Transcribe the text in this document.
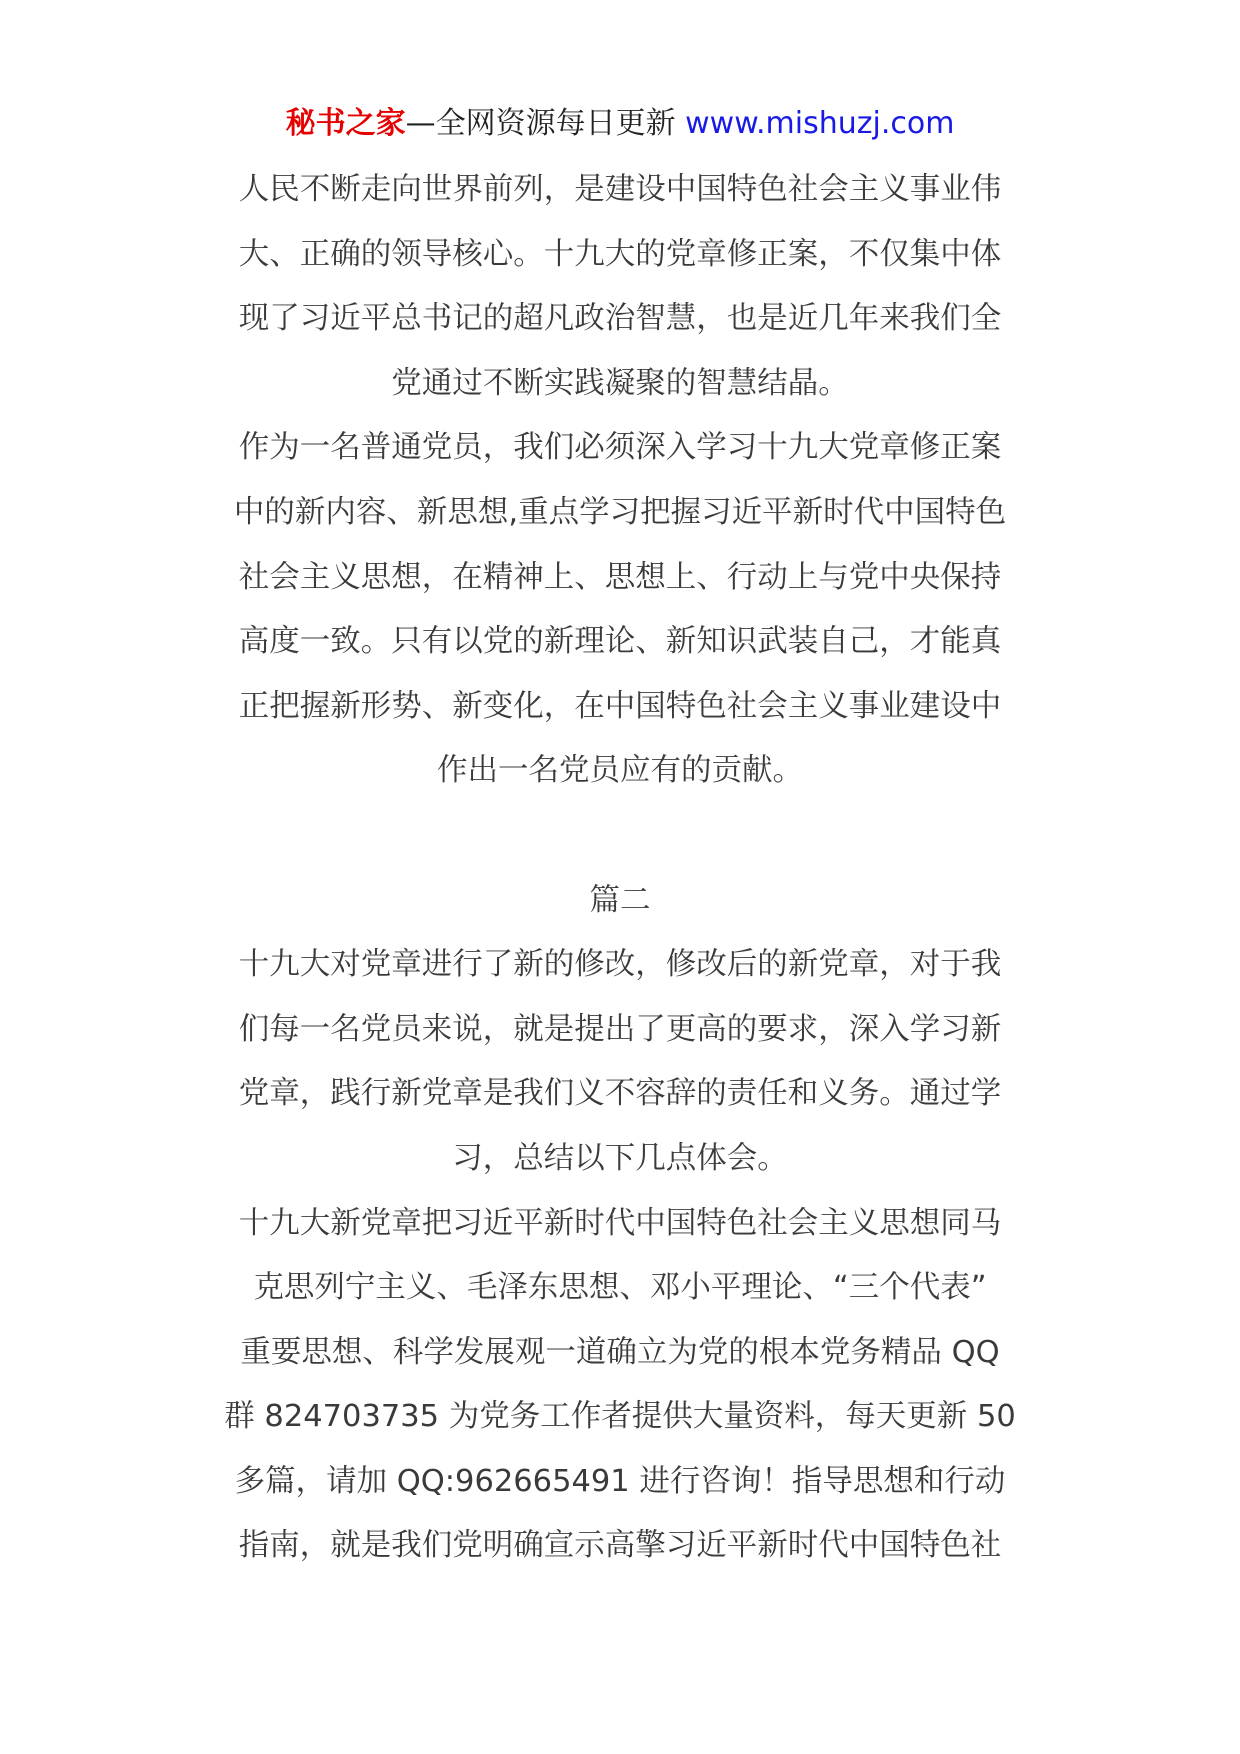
秘书之家—全网资源每日更新 www.mishuzj.com
人民不断走向世界前列，是建设中国特色社会主义事业伟
大、正确的领导核心。十九大的党章修正案，不仅集中体
现了习近平总书记的超凡政治智慧，也是近几年来我们全
党通过不断实践凝聚的智慧结晶。
作为一名普通党员，我们必须深入学习十九大党章修正案
中的新内容、新思想,重点学习把握习近平新时代中国特色
社会主义思想，在精神上、思想上、行动上与党中央保持
高度一致。只有以党的新理论、新知识武装自己，才能真
正把握新形势、新变化，在中国特色社会主义事业建设中
作出一名党员应有的贡献。
篇二
十九大对党章进行了新的修改，修改后的新党章，对于我
们每一名党员来说，就是提出了更高的要求，深入学习新
党章，践行新党章是我们义不容辞的责任和义务。通过学
习，总结以下几点体会。
十九大新党章把习近平新时代中国特色社会主义思想同马
克思列宁主义、毛泽东思想、邓小平理论、“三个代表”
重要思想、科学发展观一道确立为党的根本党务精品 QQ
群 824703735 为党务工作者提供大量资料，每天更新 50
多篇，请加 QQ:962665491 进行咨询！指导思想和行动
指南，就是我们党明确宣示高擎习近平新时代中国特色社
